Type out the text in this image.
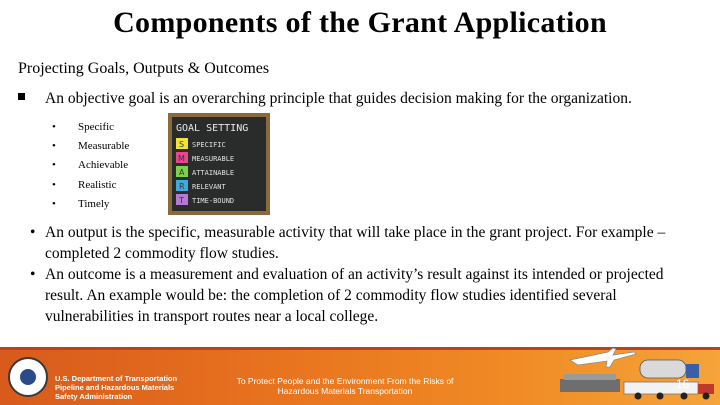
Components of the Grant Application
Projecting Goals, Outputs & Outcomes
An objective goal is an overarching principle that guides decision making for the organization.
• Specific
• Measurable
• Achievable
• Realistic
• Timely
GOAL SETTING
S
M
A
R
T
SPECIFIC
MEASURABLE
ATTAINABLE
RELEVANT
TIME-BOUND
• An output is the specific, measurable activity that will take place in the grant project. For example – completed 2 commodity flow studies.
• An outcome is a measurement and evaluation of an activity’s result against its intended or projected result. An example would be: the completion of 2 commodity flow studies identified several vulnerabilities in transport routes near a local college.
U.S. Department of Transportation
Pipeline and Hazardous Materials
Safety Administration
To Protect People and the Environment From the Risks of
Hazardous Materials Transportation	16
